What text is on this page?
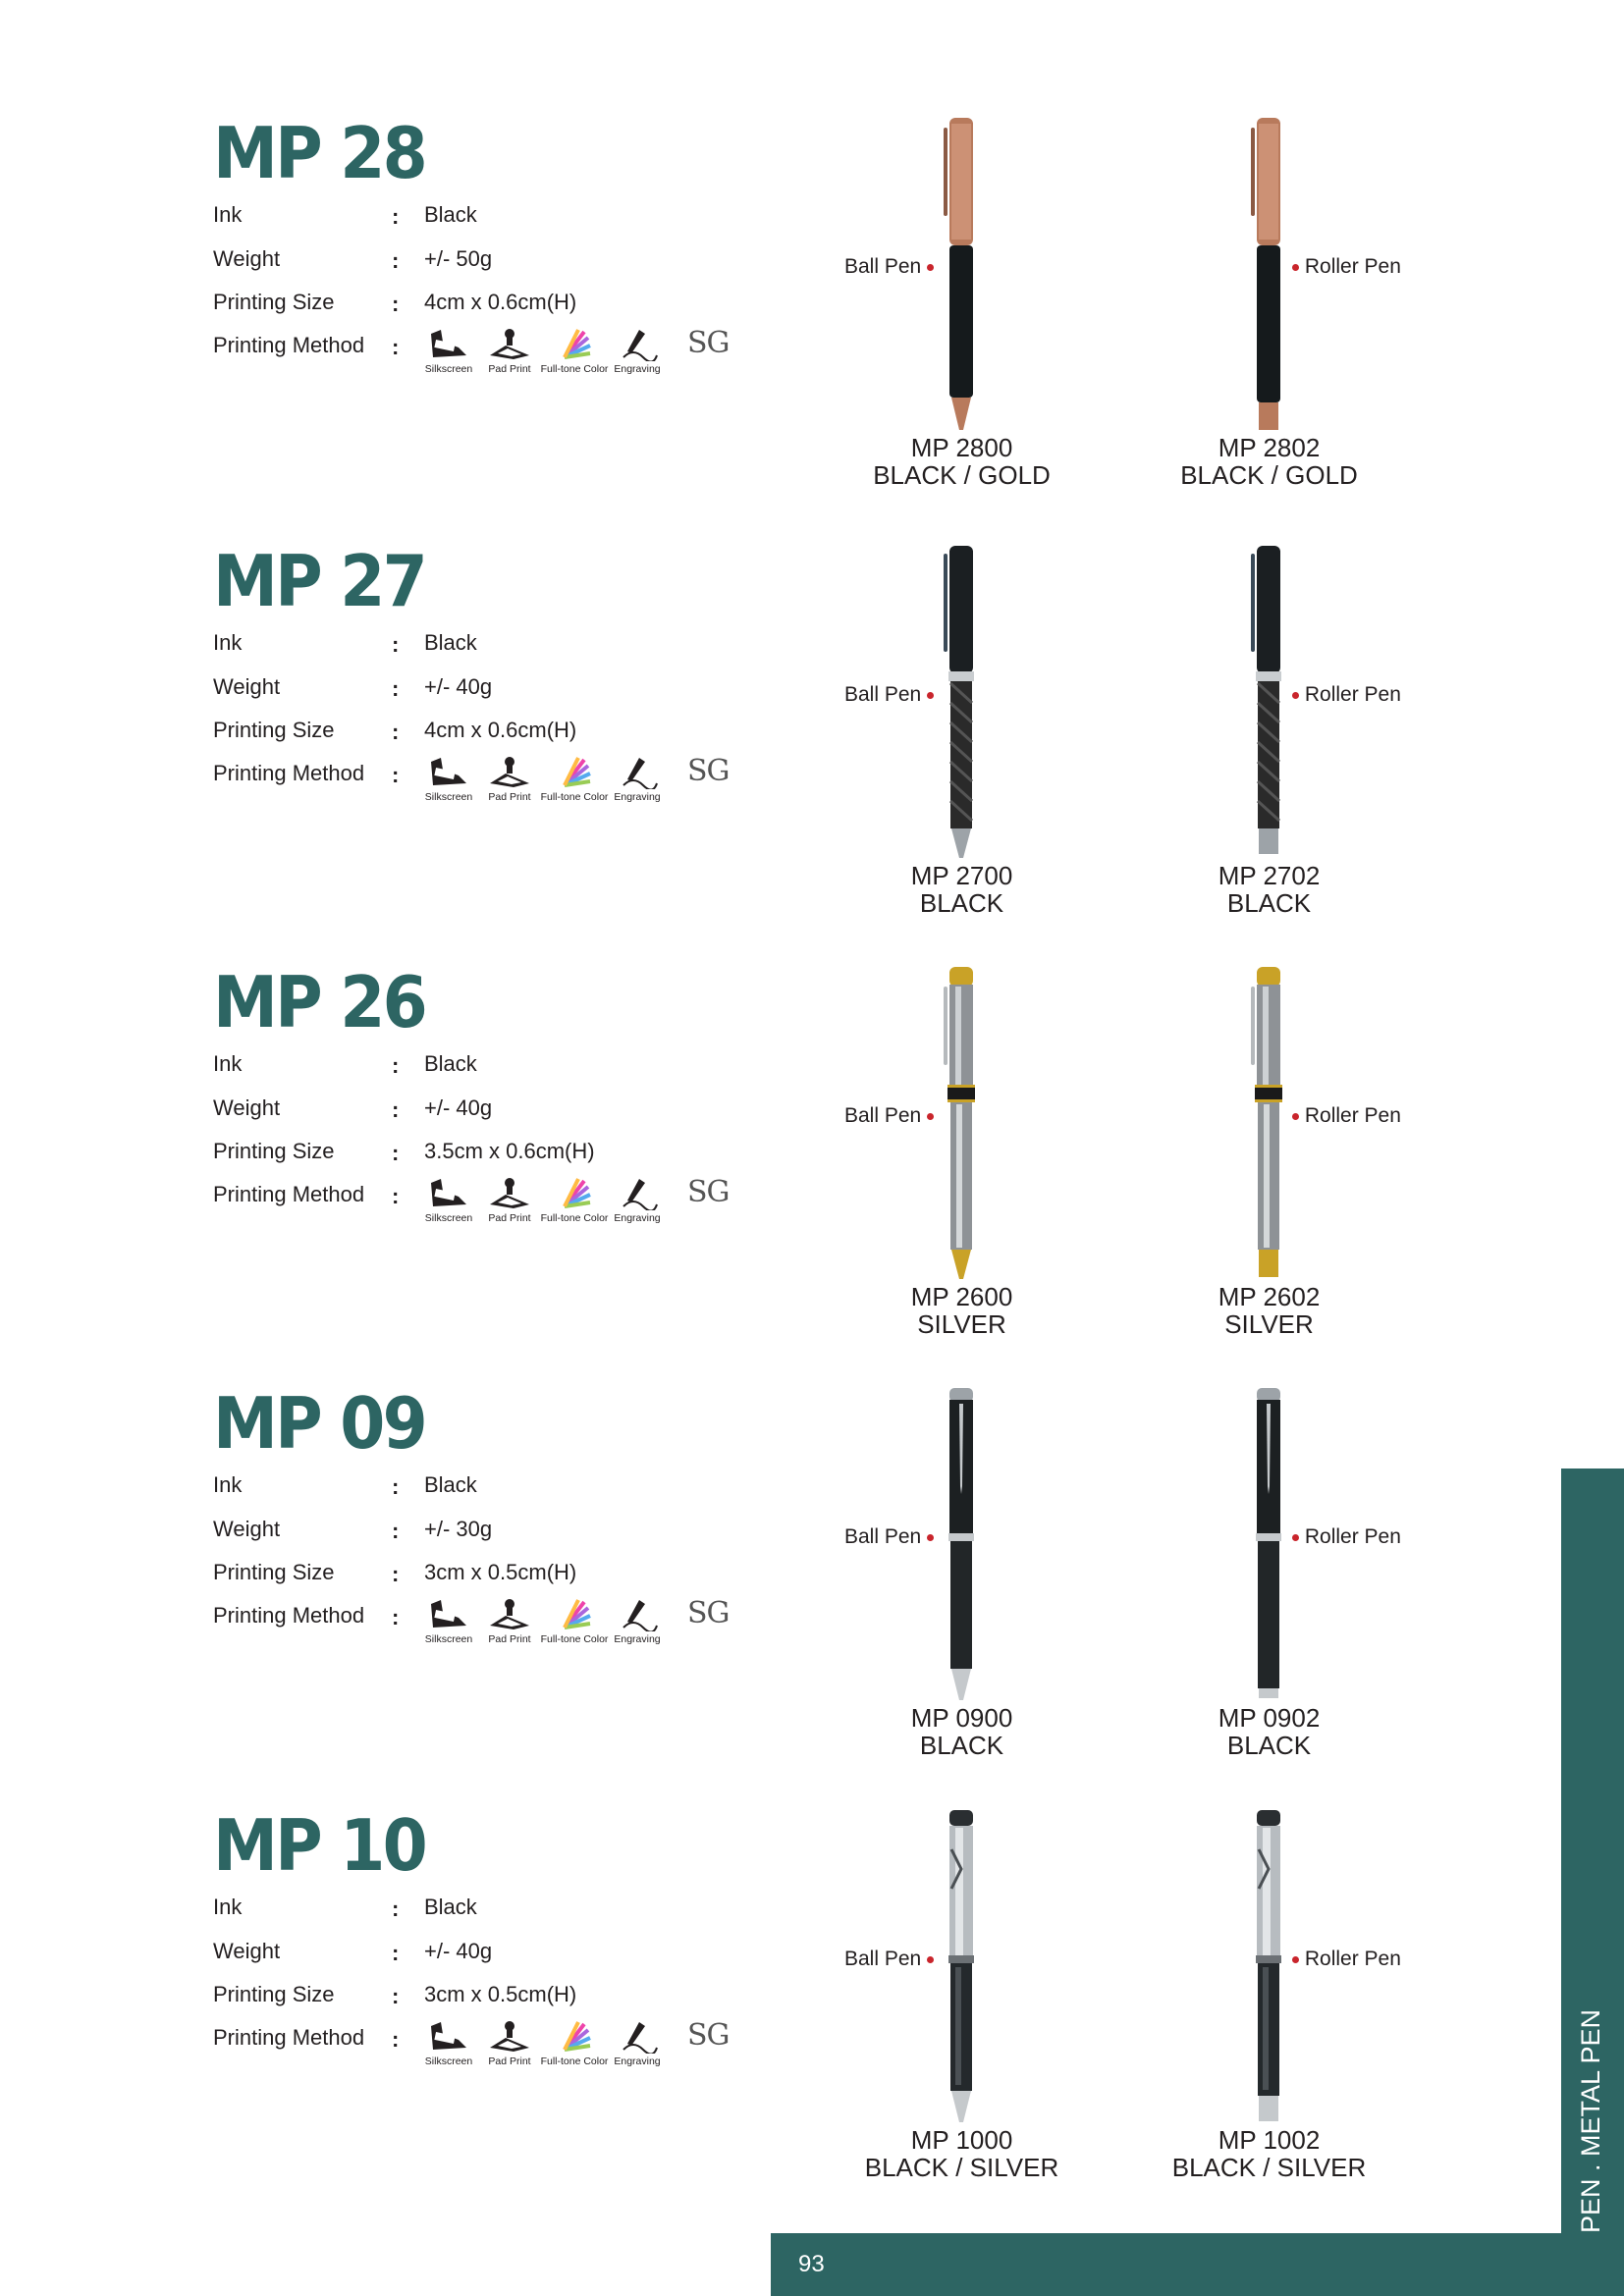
MP 28
Ink	: Black
Weight	: +/- 50g
Printing Size	: 4cm x 0.6cm(H)
Printing Method :
Silkscreen	Pad Print Full-tone Color Engraving
SG
Ball Pen
MP 2800
BLACK / GOLD
Roller Pen
MP 2802
BLACK / GOLD
MP 27
Ink	: Black
Weight	: +/- 40g
Printing Size	: 4cm x 0.6cm(H)
Printing Method :
Silkscreen	Pad Print Full-tone Color Engraving
SG
Ball Pen
MP 2700
BLACK
Roller Pen
MP 2702
BLACK
MP 26
Ink	: Black
Weight	: +/- 40g
Printing Size	: 3.5cm x 0.6cm(H)
Printing Method :
Silkscreen	Pad Print Full-tone Color Engraving
SG
Ball Pen
MP 2600
SILVER
Roller Pen
MP 2602
SILVER
MP 09
Ink	: Black
Weight	: +/- 30g
Printing Size	: 3cm x 0.5cm(H)
Printing Method :
Silkscreen	Pad Print Full-tone Color Engraving
SG
Ball Pen
MP 0900
BLACK
Roller Pen
MP 0902
BLACK
MP 10
Ink	: Black
Weight	: +/- 40g
Printing Size	: 3cm x 0.5cm(H)
Printing Method :
Silkscreen	Pad Print Full-tone Color Engraving
SG
Ball Pen
MP 1000
BLACK / SILVER
Roller Pen
MP 1002
BLACK / SILVER	PEN . METAL PEN
93
